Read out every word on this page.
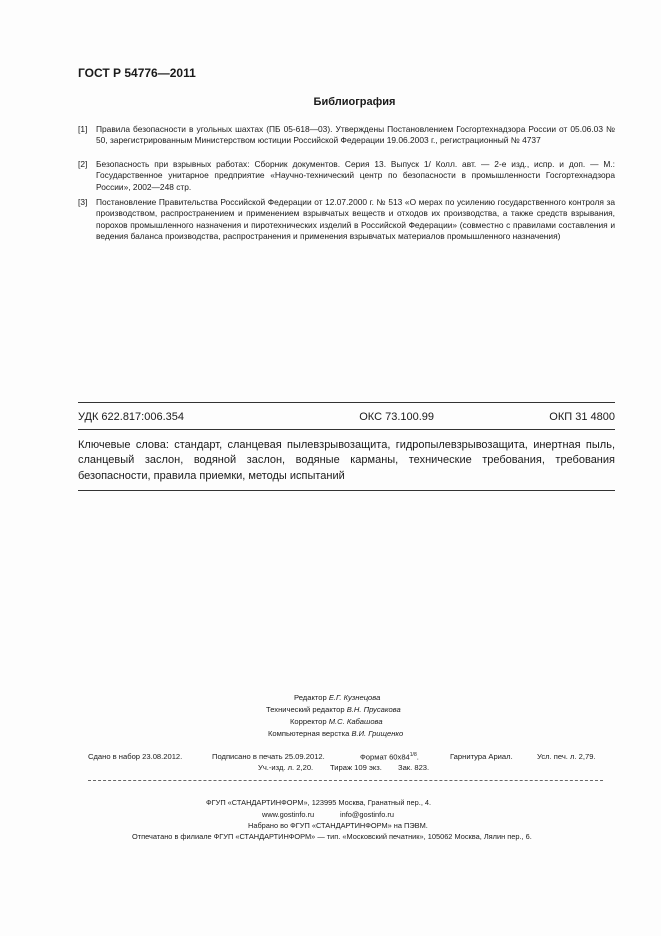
ГОСТ Р 54776—2011
Библиография
[1] Правила безопасности в угольных шахтах (ПБ 05-618—03). Утверждены Постановлением Госгортехнадзора России от 05.06.03 № 50, зарегистрированным Министерством юстиции Российской Федерации 19.06.2003 г., регистрационный № 4737
[2] Безопасность при взрывных работах: Сборник документов. Серия 13. Выпуск 1/ Колл. авт. — 2-е изд., испр. и доп. — М.: Государственное унитарное предприятие «Научно-технический центр по безопасности в промышленности Госгортехнадзора России», 2002—248 стр.
[3] Постановление Правительства Российской Федерации от 12.07.2000 г. № 513 «О мерах по усилению государственного контроля за производством, распространением и применением взрывчатых веществ и отходов их производства, а также средств взрывания, порохов промышленного назначения и пиротехнических изделий в Российской Федерации» (совместно с правилами составления и ведения баланса производства, распространения и применения взрывчатых материалов промышленного назначения)
УДК 622.817:006.354	ОКС 73.100.99	ОКП 31 4800
Ключевые слова: стандарт, сланцевая пылевзрывозащита, гидропылевзрывозащита, инертная пыль, сланцевый заслон, водяной заслон, водяные карманы, технические требования, требования безопасности, правила приемки, методы испытаний
Редактор Е.Г. Кузнецова
Технический редактор В.Н. Прусакова
Корректор М.С. Кабашова
Компьютерная верстка В.И. Грищенко
Сдано в набор 23.08.2012.	Подписано в печать 25.09.2012.	Формат $60х84^{1/8}$.	Гарнитура Ариал.	Усл. печ. л. 2,79.
Уч.-изд. л. 2,20. Тираж 109 экз. Зак. 823.
ФГУП «СТАНДАРТИНФОРМ», 123995 Москва, Гранатный пер., 4.
www.gostinfo.ru	info@gostinfo.ru
Набрано во ФГУП «СТАНДАРТИНФОРМ» на ПЭВМ.
Отпечатано в филиале ФГУП «СТАНДАРТИНФОРМ» — тип. «Московский печатник», 105062 Москва, Лялин пер., 6.
